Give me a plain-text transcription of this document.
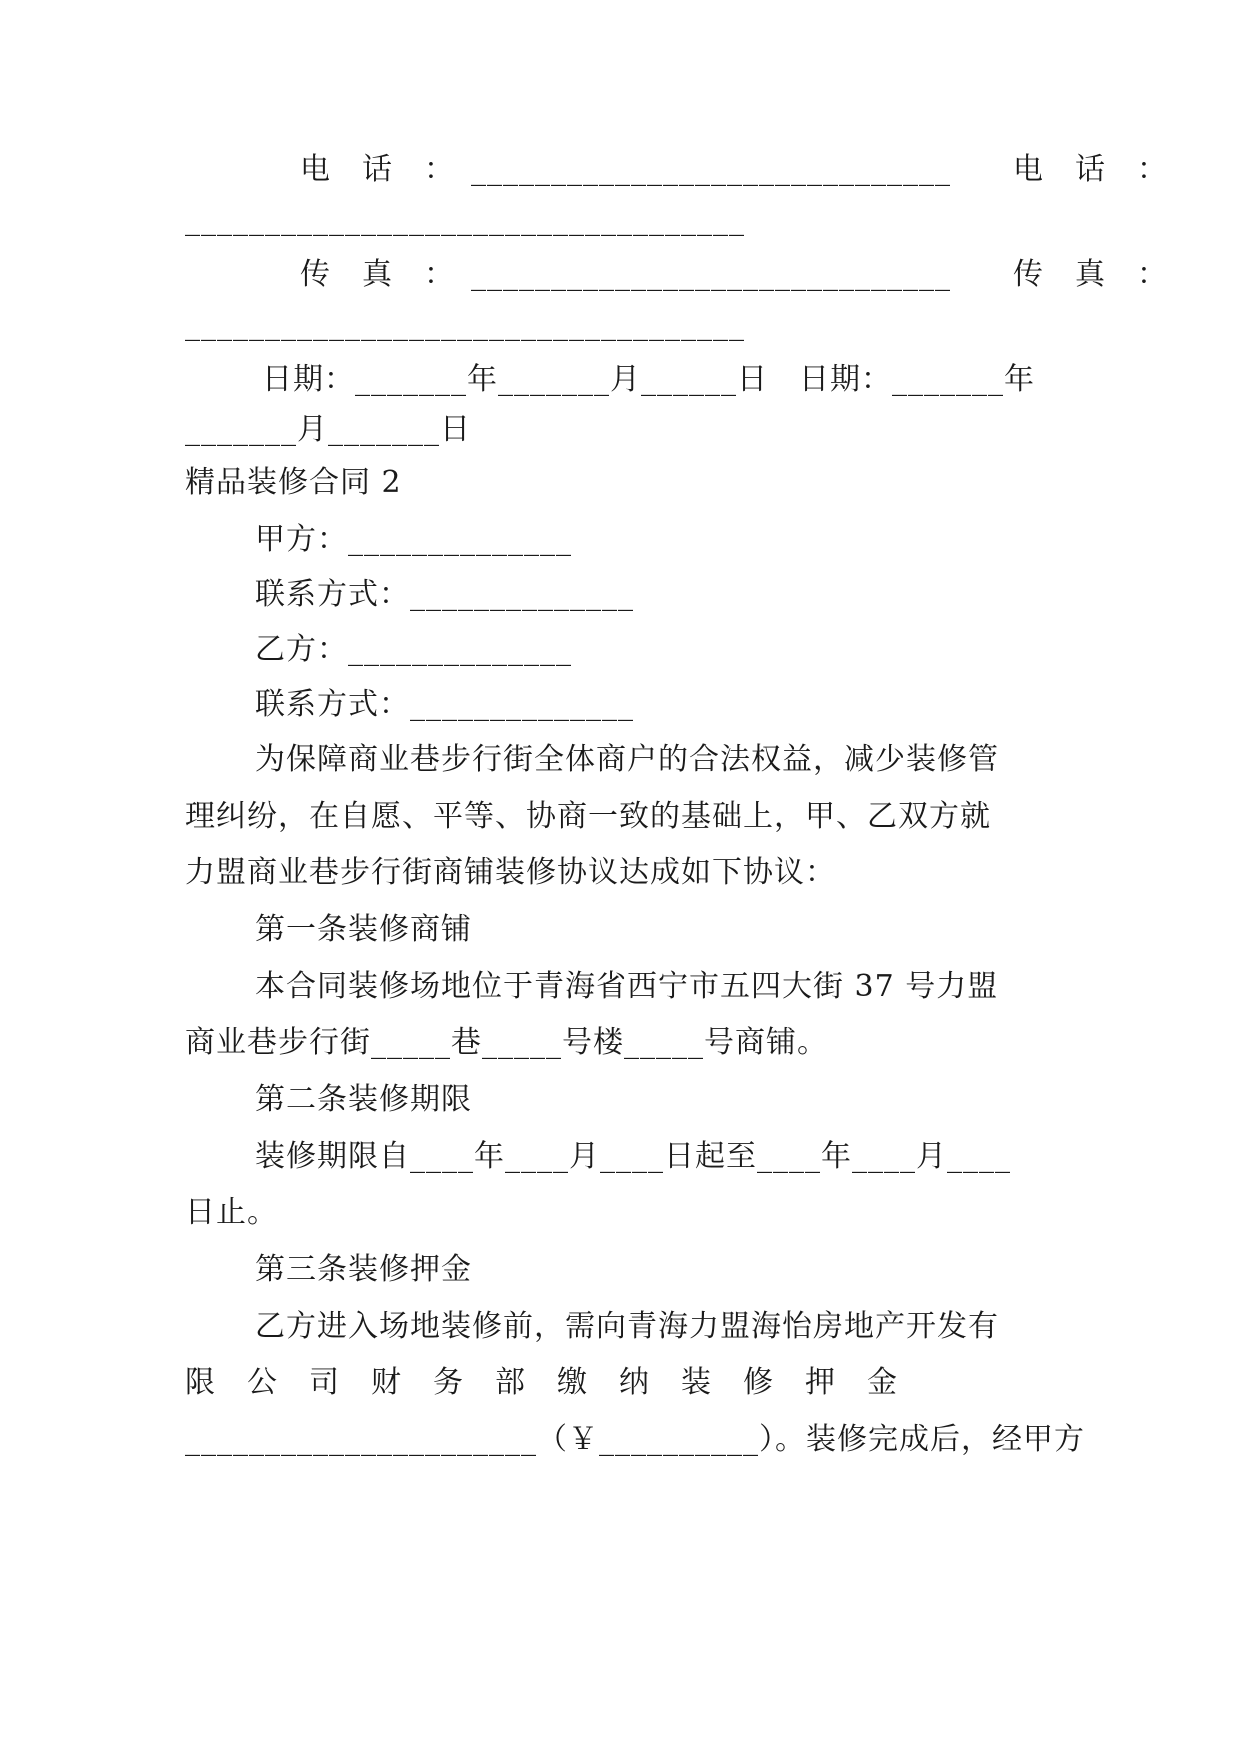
电　话　：　______________________________　　电　话　：
___________________________________
传　真　：　______________________________　　传　真　：
___________________________________
日期：_______年_______月______日　日期：_______年
_______月_______日
精品装修合同 2
甲方：______________
联系方式：______________
乙方：______________
联系方式：______________
为保障商业巷步行街全体商户的合法权益，减少装修管
理纠纷，在自愿、平等、协商一致的基础上，甲、乙双方就
力盟商业巷步行街商铺装修协议达成如下协议：
第一条装修商铺
本合同装修场地位于青海省西宁市五四大街 37 号力盟
商业巷步行街_____巷_____号楼_____号商铺。
第二条装修期限
装修期限自____年____月____日起至____年____月____
日止。
第三条装修押金
乙方进入场地装修前，需向青海力盟海怡房地产开发有
限　公　司　财　务　部　缴　纳　装　修　押　金
______________________（￥__________）。装修完成后，经甲方
